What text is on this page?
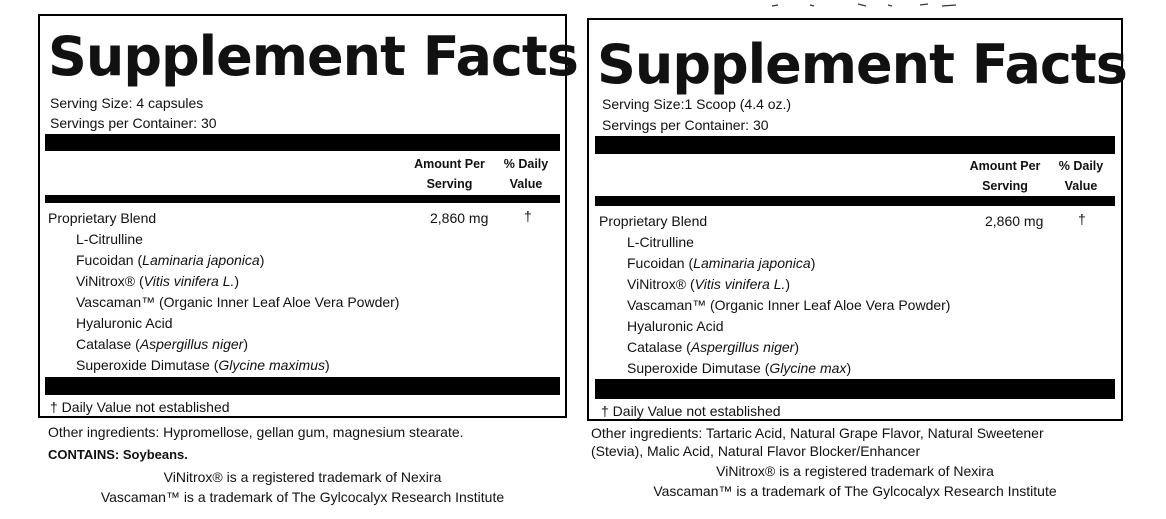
Supplement Facts
Serving Size: 4 capsules
Servings per Container: 30
Amount Per
Serving
% Daily
Value
Proprietary Blend	2,860 mg	†
L-Citrulline
Fucoidan (Laminaria japonica)
ViNitrox® (Vitis vinifera L.)
Vascaman™ (Organic Inner Leaf Aloe Vera Powder)
Hyaluronic Acid
Catalase (Aspergillus niger)
Superoxide Dimutase (Glycine maximus)
† Daily Value not established
Other ingredients: Hypromellose, gellan gum, magnesium stearate.
CONTAINS: Soybeans.
ViNitrox® is a registered trademark of Nexira
Vascaman™ is a trademark of The Gylcocalyx Research Institute
Supplement Facts
Serving Size:1 Scoop (4.4 oz.)
Servings per Container: 30
Amount Per
Serving
% Daily
Value
Proprietary Blend	2,860 mg †
L-Citrulline
Fucoidan (Laminaria japonica)
ViNitrox® (Vitis vinifera L.)
Vascaman™ (Organic Inner Leaf Aloe Vera Powder)
Hyaluronic Acid
Catalase (Aspergillus niger)
Superoxide Dimutase (Glycine max)
† Daily Value not established
Other ingredients: Tartaric Acid, Natural Grape Flavor, Natural Sweetener
(Stevia), Malic Acid, Natural Flavor Blocker/Enhancer
ViNitrox® is a registered trademark of Nexira
Vascaman™ is a trademark of The Gylcocalyx Research Institute
